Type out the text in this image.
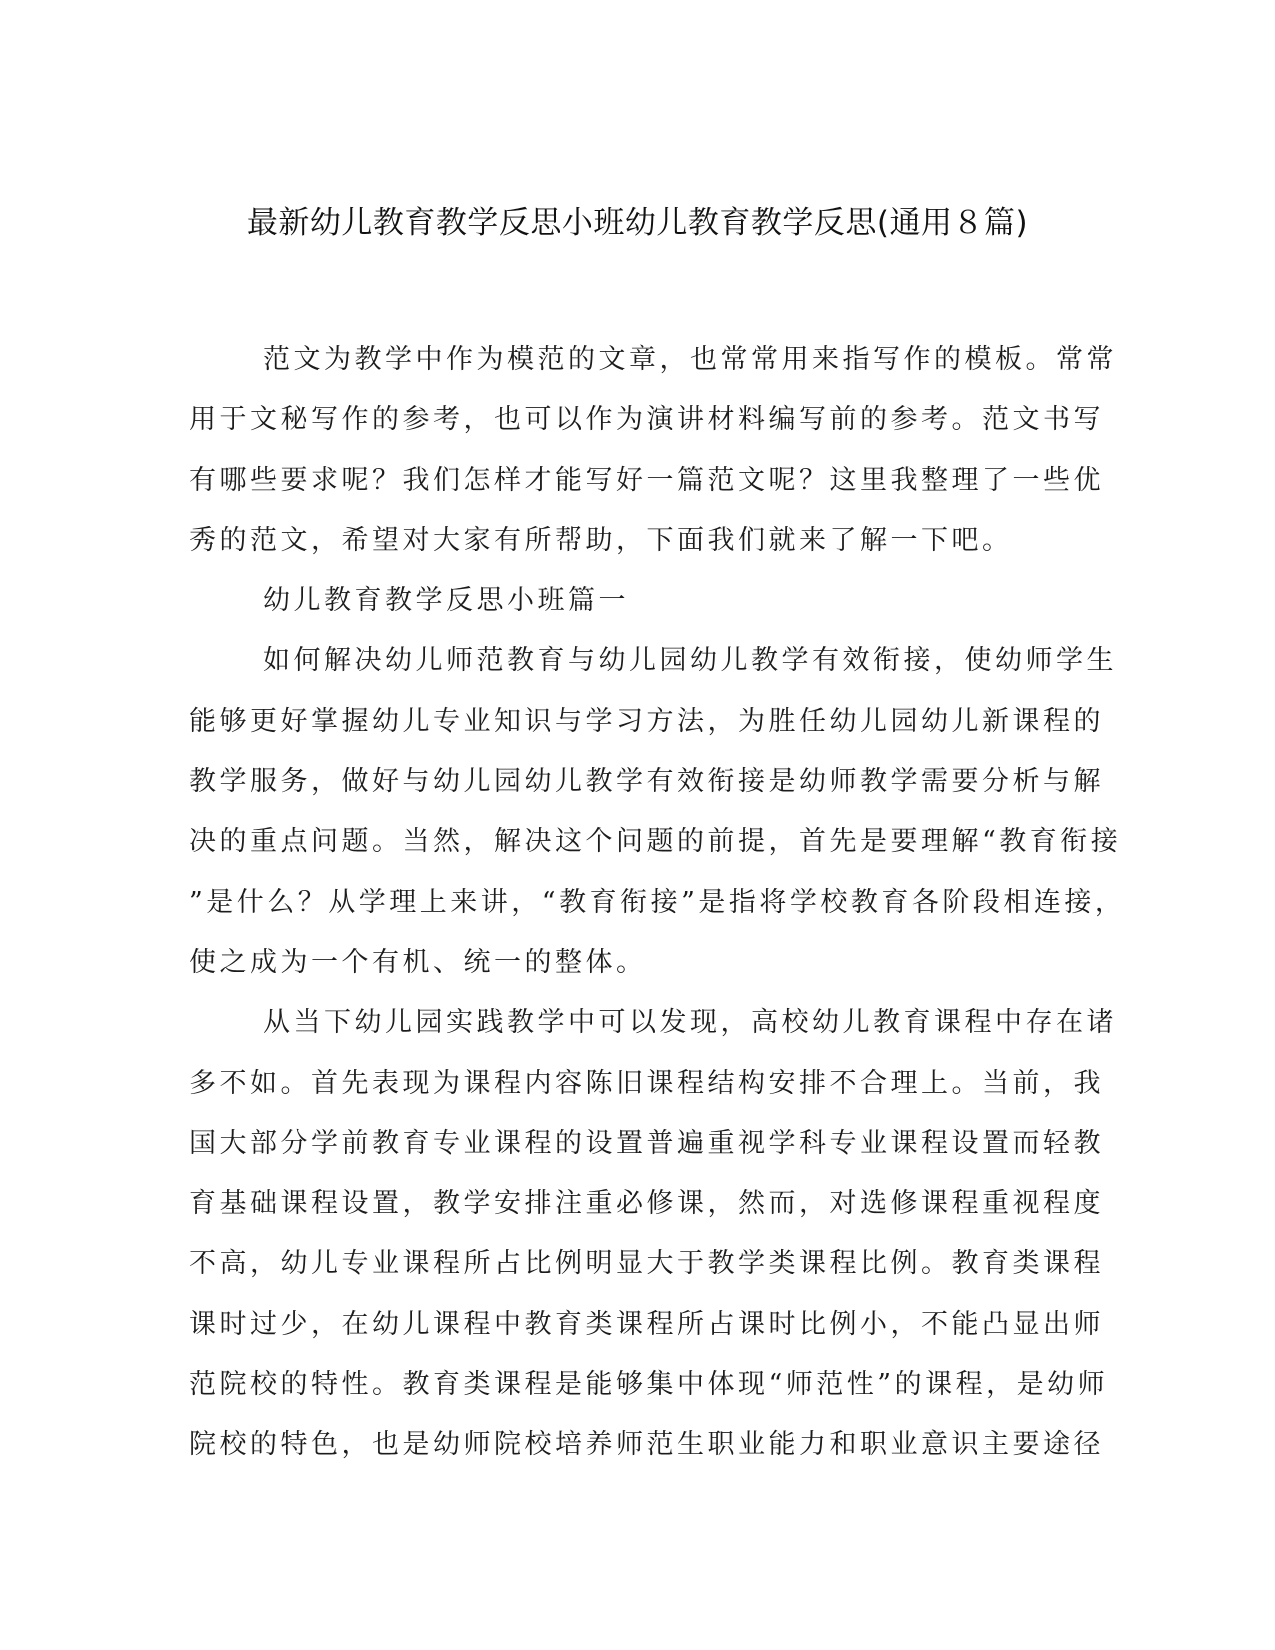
最新幼儿教育教学反思小班幼儿教育教学反思(通用８篇)
范文为教学中作为模范的文章，也常常用来指写作的模板。常常
用于文秘写作的参考，也可以作为演讲材料编写前的参考。范文书写
有哪些要求呢？我们怎样才能写好一篇范文呢？这里我整理了一些优
秀的范文，希望对大家有所帮助，下面我们就来了解一下吧。
幼儿教育教学反思小班篇一
如何解决幼儿师范教育与幼儿园幼儿教学有效衔接，使幼师学生
能够更好掌握幼儿专业知识与学习方法，为胜任幼儿园幼儿新课程的
教学服务，做好与幼儿园幼儿教学有效衔接是幼师教学需要分析与解
决的重点问题。当然，解决这个问题的前提，首先是要理解“教育衔接
”是什么？从学理上来讲，“教育衔接”是指将学校教育各阶段相连接，
使之成为一个有机、统一的整体。
从当下幼儿园实践教学中可以发现，高校幼儿教育课程中存在诸
多不如。首先表现为课程内容陈旧课程结构安排不合理上。当前，我
国大部分学前教育专业课程的设置普遍重视学科专业课程设置而轻教
育基础课程设置，教学安排注重必修课，然而，对选修课程重视程度
不高，幼儿专业课程所占比例明显大于教学类课程比例。教育类课程
课时过少，在幼儿课程中教育类课程所占课时比例小，不能凸显出师
范院校的特性。教育类课程是能够集中体现“师范性”的课程，是幼师
院校的特色，也是幼师院校培养师范生职业能力和职业意识主要途径
